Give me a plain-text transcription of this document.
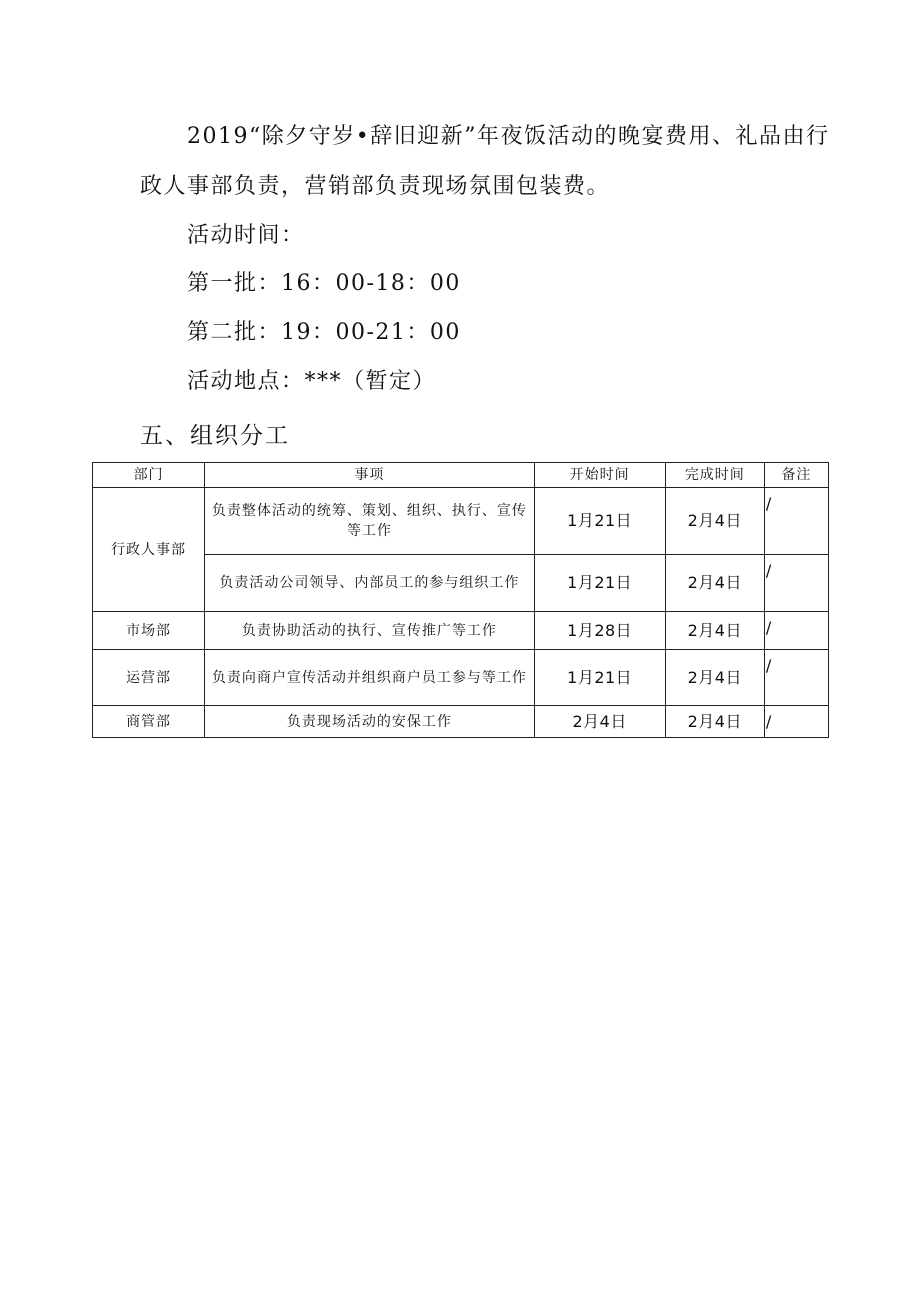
2019“除夕守岁•辞旧迎新”年夜饭活动的晚宴费用、礼品由行
政人事部负责，营销部负责现场氛围包装费。
活动时间：
第一批：16：00-18：00
第二批：19：00-21：00
活动地点：***（暂定）
五、组织分工
部门	事项	开始时间	完成时间	备注
行政人事部	负责整体活动的统筹、策划、组织、执行、宣传等工作	1月21日	2月4日	/
	负责活动公司领导、内部员工的参与组织工作	1月21日	2月4日	/
市场部	负责协助活动的执行、宣传推广等工作	1月28日	2月4日	/
运营部	负责向商户宣传活动并组织商户员工参与等工作	1月21日	2月4日	/
商管部	负责现场活动的安保工作	2月4日	2月4日	/
